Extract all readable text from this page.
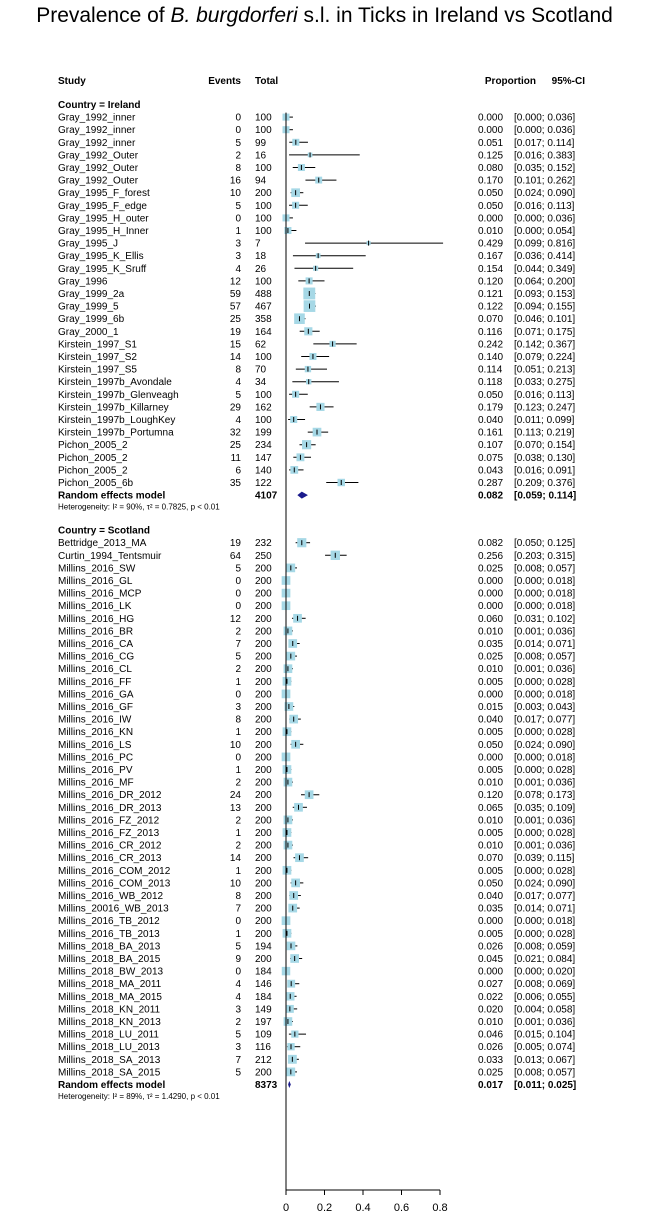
Prevalence of B. burgdorferi s.l. in Ticks in Ireland vs Scotland
Study	Events Total	Proportion 95%-CI
Country = Ireland
Gray_1992_inner	0 100	0.000 [0.000; 0.036]
Gray_1992_inner	0 100	0.000 [0.000; 0.036]
Gray_1992_inner	5 99	0.051 [0.017; 0.114]
Gray_1992_Outer	2 16	0.125 [0.016; 0.383]
Gray_1992_Outer	8 100	0.080 [0.035; 0.152]
Gray_1992_Outer	16 94	0.170 [0.101; 0.262]
Gray_1995_F_forest	10 200	0.050 [0.024; 0.090]
Gray_1995_F_edge	5 100	0.050 [0.016; 0.113]
Gray_1995_H_outer	0 100	0.000 [0.000; 0.036]
Gray_1995_H_Inner	1 100	0.010 [0.000; 0.054]
Gray_1995_J	3 7	0.429 [0.099; 0.816]
Gray_1995_K_Ellis	3 18	0.167 [0.036; 0.414]
Gray_1995_K_Sruff	4 26	0.154 [0.044; 0.349]
Gray_1996	12 100	0.120 [0.064; 0.200]
Gray_1999_2a	59 488	0.121 [0.093; 0.153]
Gray_1999_5	57 467	0.122 [0.094; 0.155]
Gray_1999_6b	25 358	0.070 [0.046; 0.101]
Gray_2000_1	19 164	0.116 [0.071; 0.175]
Kirstein_1997_S1	15 62	0.242 [0.142; 0.367]
Kirstein_1997_S2	14 100	0.140 [0.079; 0.224]
Kirstein_1997_S5	8 70	0.114 [0.051; 0.213]
Kirstein_1997b_Avondale	4 34	0.118 [0.033; 0.275]
Kirstein_1997b_Glenveagh	5 100	0.050 [0.016; 0.113]
Kirstein_1997b_Killarney	29 162	0.179 [0.123; 0.247]
Kirstein_1997b_LoughKey	4 100	0.040 [0.011; 0.099]
Kirstein_1997b_Portumna	32 199	0.161 [0.113; 0.219]
Pichon_2005_2	25 234	0.107 [0.070; 0.154]
Pichon_2005_2	11 147	0.075 [0.038; 0.130]
Pichon_2005_2	6 140	0.043 [0.016; 0.091]
Pichon_2005_6b	35 122	0.287 [0.209; 0.376]
Random effects model	4107	0.082 [0.059; 0.114]
Heterogeneity: I² = 90%, τ² = 0.7825, p < 0.01
Country = Scotland
Bettridge_2013_MA	19 232	0.082 [0.050; 0.125]
Curtin_1994_Tentsmuir	64 250	0.256 [0.203; 0.315]
Millins_2016_SW	5 200	0.025 [0.008; 0.057]
Millins_2016_GL	0 200	0.000 [0.000; 0.018]
Millins_2016_MCP	0 200	0.000 [0.000; 0.018]
Millins_2016_LK	0 200	0.000 [0.000; 0.018]
Millins_2016_HG	12 200	0.060 [0.031; 0.102]
Millins_2016_BR	2 200	0.010 [0.001; 0.036]
Millins_2016_CA	7 200	0.035 [0.014; 0.071]
Millins_2016_CG	5 200	0.025 [0.008; 0.057]
Millins_2016_CL	2 200	0.010 [0.001; 0.036]
Millins_2016_FF	1 200	0.005 [0.000; 0.028]
Millins_2016_GA	0 200	0.000 [0.000; 0.018]
Millins_2016_GF	3 200	0.015 [0.003; 0.043]
Millins_2016_IW	8 200	0.040 [0.017; 0.077]
Millins_2016_KN	1 200	0.005 [0.000; 0.028]
Millins_2016_LS	10 200	0.050 [0.024; 0.090]
Millins_2016_PC	0 200	0.000 [0.000; 0.018]
Millins_2016_PV	1 200	0.005 [0.000; 0.028]
Millins_2016_MF	2 200	0.010 [0.001; 0.036]
Millins_2016_DR_2012	24 200	0.120 [0.078; 0.173]
Millins_2016_DR_2013	13 200	0.065 [0.035; 0.109]
Millins_2016_FZ_2012	2 200	0.010 [0.001; 0.036]
Millins_2016_FZ_2013	1 200	0.005 [0.000; 0.028]
Millins_2016_CR_2012	2 200	0.010 [0.001; 0.036]
Millins_2016_CR_2013	14 200	0.070 [0.039; 0.115]
Millins_2016_COM_2012	1 200	0.005 [0.000; 0.028]
Millins_2016_COM_2013	10 200	0.050 [0.024; 0.090]
Millins_2016_WB_2012	8 200	0.040 [0.017; 0.077]
Millins_20016_WB_2013	7 200	0.035 [0.014; 0.071]
Millins_2016_TB_2012	0 200	0.000 [0.000; 0.018]
Millins_2016_TB_2013	1 200	0.005 [0.000; 0.028]
Millins_2018_BA_2013	5 194	0.026 [0.008; 0.059]
Millins_2018_BA_2015	9 200	0.045 [0.021; 0.084]
Millins_2018_BW_2013	0 184	0.000 [0.000; 0.020]
Millins_2018_MA_2011	4 146	0.027 [0.008; 0.069]
Millins_2018_MA_2015	4 184	0.022 [0.006; 0.055]
Millins_2018_KN_2011	3 149	0.020 [0.004; 0.058]
Millins_2018_KN_2013	2 197	0.010 [0.001; 0.036]
Millins_2018_LU_2011	5 109	0.046 [0.015; 0.104]
Millins_2018_LU_2013	3 116	0.026 [0.005; 0.074]
Millins_2018_SA_2013	7 212	0.033 [0.013; 0.067]
Millins_2018_SA_2015	5 200	0.025 [0.008; 0.057]
Random effects model	8373	0.017 [0.011; 0.025]
Heterogeneity: I² = 89%, τ² = 1.4290, p < 0.01
0	0.2 0.4 0.6 0.8
